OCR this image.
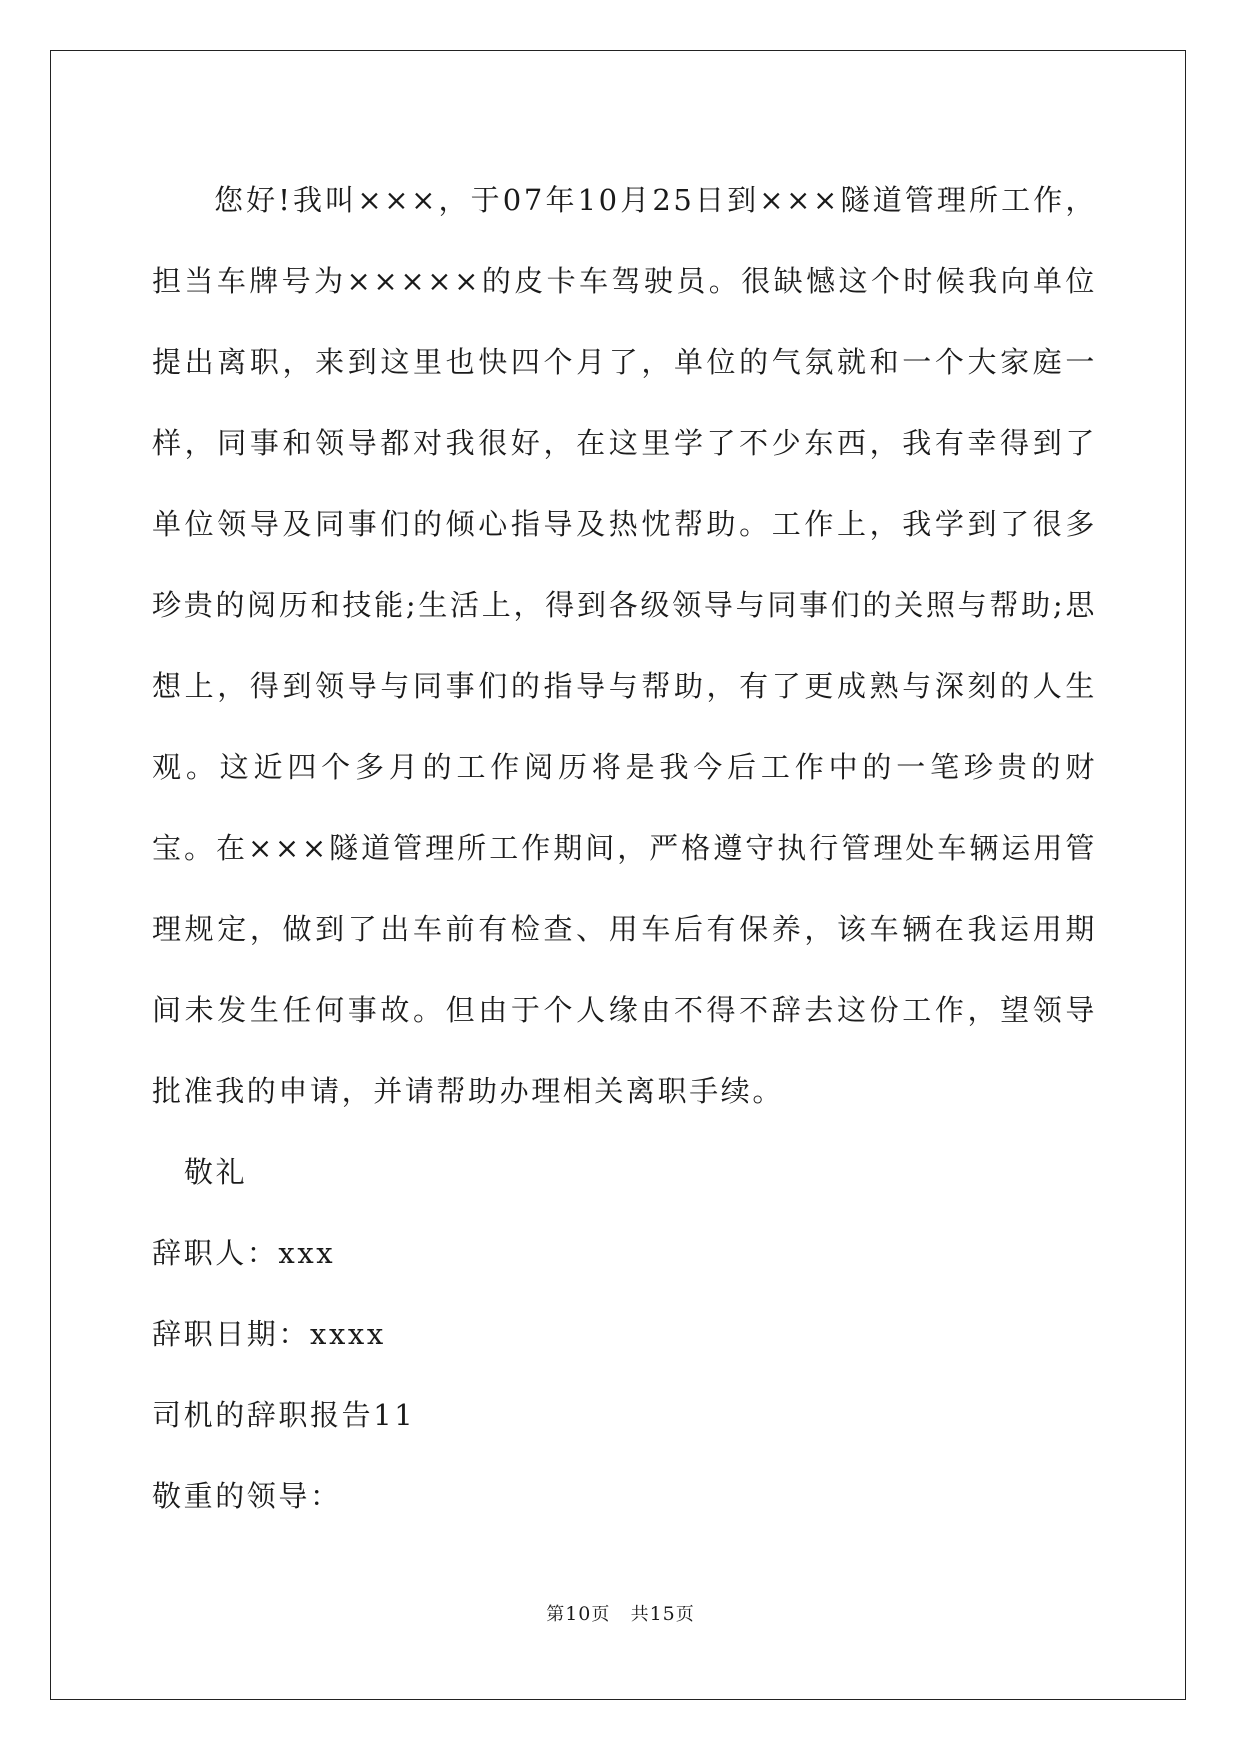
您好!我叫×××，于07年10月25日到×××隧道管理所工作，担当车牌号为×××××的皮卡车驾驶员。很缺憾这个时候我向单位提出离职，来到这里也快四个月了，单位的气氛就和一个大家庭一样，同事和领导都对我很好，在这里学了不少东西，我有幸得到了单位领导及同事们的倾心指导及热忱帮助。工作上，我学到了很多珍贵的阅历和技能;生活上，得到各级领导与同事们的关照与帮助;思想上，得到领导与同事们的指导与帮助，有了更成熟与深刻的人生观。这近四个多月的工作阅历将是我今后工作中的一笔珍贵的财宝。在×××隧道管理所工作期间，严格遵守执行管理处车辆运用管理规定，做到了出车前有检查、用车后有保养，该车辆在我运用期间未发生任何事故。但由于个人缘由不得不辞去这份工作，望领导批准我的申请，并请帮助办理相关离职手续。

敬礼

辞职人：xxx

辞职日期：xxxx

司机的辞职报告11

敬重的领导：

第10页   共15页
